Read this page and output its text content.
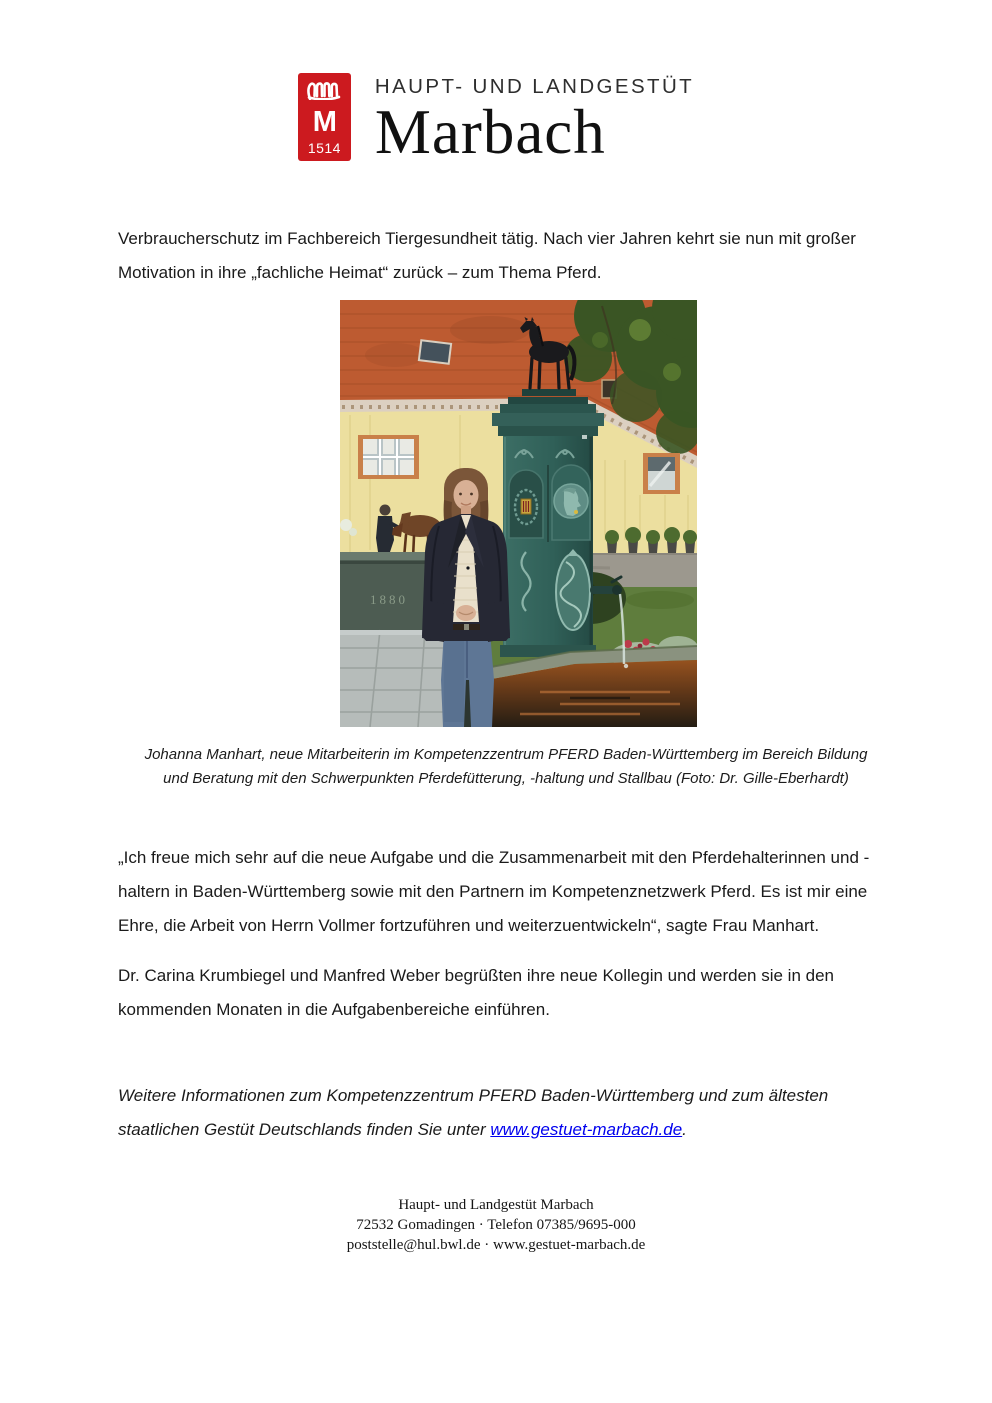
M
1514
HAUPT- UND LANDGESTÜT
Marbach

Verbraucherschutz im Fachbereich Tiergesundheit tätig. Nach vier Jahren kehrt sie nun mit großer Motivation in ihre „fachliche Heimat“ zurück – zum Thema Pferd.

1880

Johanna Manhart, neue Mitarbeiterin im Kompetenzzentrum PFERD Baden-Württemberg im Bereich Bildung und Beratung mit den Schwerpunkten Pferdefütterung, -haltung und Stallbau (Foto: Dr. Gille-Eberhardt)

„Ich freue mich sehr auf die neue Aufgabe und die Zusammenarbeit mit den Pferdehalterinnen und -haltern in Baden-Württemberg sowie mit den Partnern im Kompetenznetzwerk Pferd. Es ist mir eine Ehre, die Arbeit von Herrn Vollmer fortzuführen und weiterzuentwickeln“, sagte Frau Manhart.

Dr. Carina Krumbiegel und Manfred Weber begrüßten ihre neue Kollegin und werden sie in den kommenden Monaten in die Aufgabenbereiche einführen.

Weitere Informationen zum Kompetenzzentrum PFERD Baden-Württemberg und zum ältesten staatlichen Gestüt Deutschlands finden Sie unter www.gestuet-marbach.de.

Haupt- und Landgestüt Marbach
72532 Gomadingen · Telefon 07385/9695-000
poststelle@hul.bwl.de · www.gestuet-marbach.de
